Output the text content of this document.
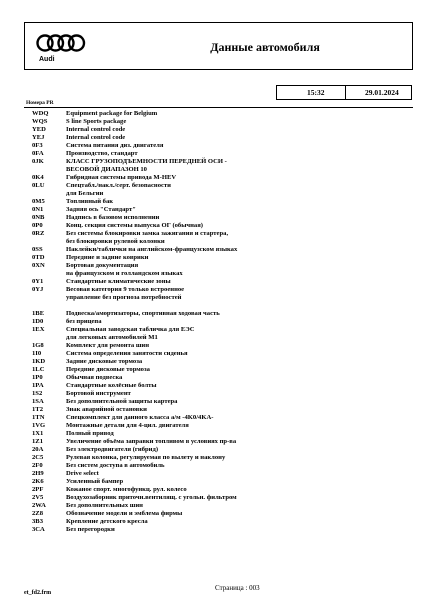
Audi
Данные автомобиля
15:32	29.01.2024
Номера PR
WDQ	Equipment package for Belgium
WQS	S line Sports package
YED	Internal control code
YEJ	Internal control code
0F3	Система питания диз. двигателя
0FA	Производство, стандарт
0JK	КЛАСС ГРУЗОПОДЪЕМНОСТИ ПЕРЕДНЕЙ ОСИ -
ВЕСОВОЙ ДИАПАЗОН 10
0K4	Гибридная системы привода M-HEV
0LU	Спецтабл./накл./серт. безопасности
для Бельгии
0M5	Топливный бак
0N1	Задняя ось "Стандарт"
0NB	Надпись в базовом исполнении
0P0	Конц. секция системы выпуска ОГ (обычная)
0RZ	Без системы блокировки замка зажигания и стартера,
без блокировки рулевой колонки
0SS	Наклейки/таблички на английском-французском языках
0TD	Передние и задние коврики
0XN	Бортовая документация
на французском и голландском языках
0Y1	Стандартные климатические зоны
0YJ	Весовая категория 9 только встроенное
управление без прогноза потребностей
1BE	Подвеска/амортизаторы, спортивная ходовая часть
1D0	без прицепа
1EX	Специальная заводская табличка для ЕЭС
для легковых автомобилей M1
1G8	Комплект для ремонта шин
1I0	Система определения занятости сиденья
1KD	Задние дисковые тормоза
1LC	Передние дисковые тормоза
1P0	Обычная подвеска
1PA	Стандартные колёсные болты
1S2	Бортовой инструмент
1SA	Без дополнительной защиты картера
1T2	Знак аварийной остановки
1TN	Спецкомплект для данного класса а/м -4K0/4KA-
1VG	Монтажные детали для 4-цил. двигателя
1X1	Полный привод
1Z1	Увеличение объёма заправки топливом в условиях пр-ва
20A	Без электродвигателя (гибрид)
2C5	Рулевая колонка, регулируемая по вылету и наклону
2F0	Без систем доступа в автомобиль
2H9	Drive select
2K6	Усиленный бампер
2PF	Кожаное спорт. многофункц. рул. колесо
2V5	Воздухозаборник приточн.вентилящ. с угольн. фильтром
2WA	Без дополнительных шин
2Z8	Обозначение модели и эмблема фирмы
3B3	Крепление детского кресла
3CA	Без перегородки
Страница : 003
et_fd2.frm
